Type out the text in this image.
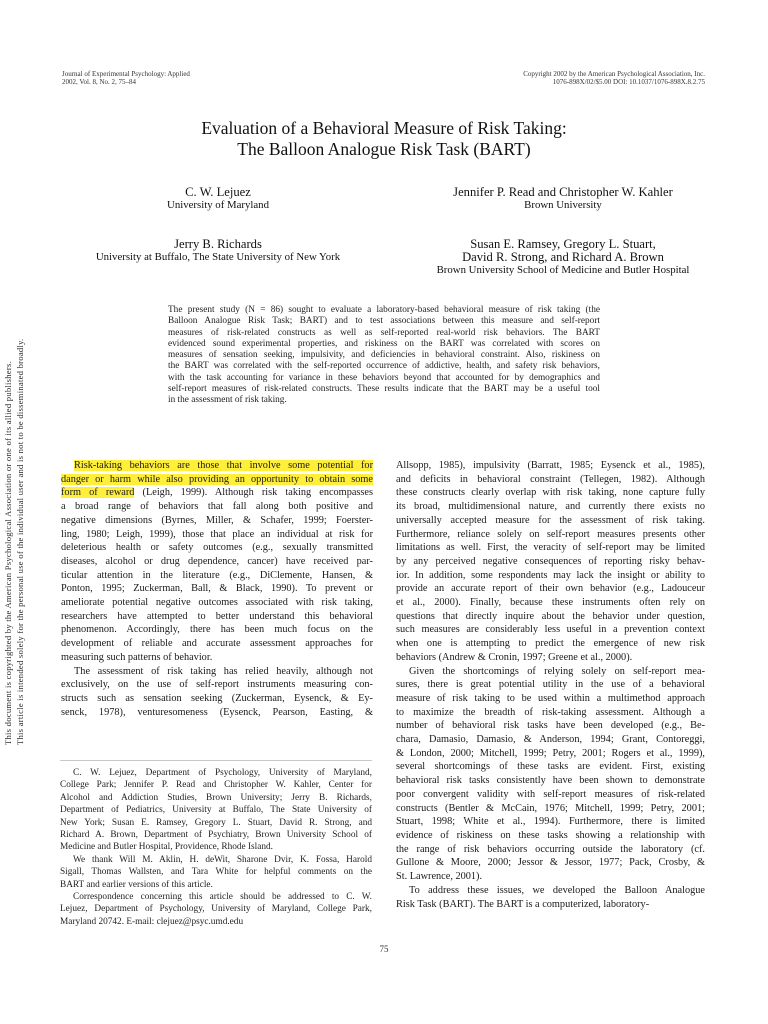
Journal of Experimental Psychology: Applied
2002, Vol. 8, No. 2, 75–84
Copyright 2002 by the American Psychological Association, Inc.
1076-898X/02/$5.00 DOI: 10.1037/1076-898X.8.2.75
Evaluation of a Behavioral Measure of Risk Taking:
The Balloon Analogue Risk Task (BART)
C. W. Lejuez
University of Maryland
Jennifer P. Read and Christopher W. Kahler
Brown University
Jerry B. Richards
University at Buffalo, The State University of New York
Susan E. Ramsey, Gregory L. Stuart,
David R. Strong, and Richard A. Brown
Brown University School of Medicine and Butler Hospital
The present study (N = 86) sought to evaluate a laboratory-based behavioral measure of risk taking (the
Balloon Analogue Risk Task; BART) and to test associations between this measure and self-report
measures of risk-related constructs as well as self-reported real-world risk behaviors. The BART
evidenced sound experimental properties, and riskiness on the BART was correlated with scores on
measures of sensation seeking, impulsivity, and deficiencies in behavioral constraint. Also, riskiness on
the BART was correlated with the self-reported occurrence of addictive, health, and safety risk behaviors,
with the task accounting for variance in these behaviors beyond that accounted for by demographics and
self-report measures of risk-related constructs. These results indicate that the BART may be a useful tool
in the assessment of risk taking.
Risk-taking behaviors are those that involve some potential for
danger or harm while also providing an opportunity to obtain some
form of reward (Leigh, 1999). Although risk taking encompasses
a broad range of behaviors that fall along both positive and
negative dimensions (Byrnes, Miller, & Schafer, 1999; Foerster-
ling, 1980; Leigh, 1999), those that place an individual at risk for
deleterious health or safety outcomes (e.g., sexually transmitted
diseases, alcohol or drug dependence, cancer) have received par-
ticular attention in the literature (e.g., DiClemente, Hansen, &
Ponton, 1995; Zuckerman, Ball, & Black, 1990). To prevent or
ameliorate potential negative outcomes associated with risk taking,
researchers have attempted to better understand this behavioral
phenomenon. Accordingly, there has been much focus on the
development of reliable and accurate assessment approaches for
measuring such patterns of behavior.
The assessment of risk taking has relied heavily, although not
exclusively, on the use of self-report instruments measuring con-
structs such as sensation seeking (Zuckerman, Eysenck, & Ey-
senck, 1978), venturesomeness (Eysenck, Pearson, Easting, &
C. W. Lejuez, Department of Psychology, University of Maryland,
College Park; Jennifer P. Read and Christopher W. Kahler, Center for
Alcohol and Addiction Studies, Brown University; Jerry B. Richards,
Department of Pediatrics, University at Buffalo, The State University of
New York; Susan E. Ramsey, Gregory L. Stuart, David R. Strong, and
Richard A. Brown, Department of Psychiatry, Brown University School of
Medicine and Butler Hospital, Providence, Rhode Island.
We thank Will M. Aklin, H. deWit, Sharone Dvir, K. Fossa, Harold
Sigall, Thomas Wallsten, and Tara White for helpful comments on the
BART and earlier versions of this article.
Correspondence concerning this article should be addressed to C. W.
Lejuez, Department of Psychology, University of Maryland, College Park,
Maryland 20742. E-mail: clejuez@psyc.umd.edu
Allsopp, 1985), impulsivity (Barratt, 1985; Eysenck et al., 1985),
and deficits in behavioral constraint (Tellegen, 1982). Although
these constructs clearly overlap with risk taking, none capture fully
its broad, multidimensional nature, and currently there exists no
universally accepted measure for the assessment of risk taking.
Furthermore, reliance solely on self-report measures presents other
limitations as well. First, the veracity of self-report may be limited
by any perceived negative consequences of reporting risky behav-
ior. In addition, some respondents may lack the insight or ability to
provide an accurate report of their own behavior (e.g., Ladouceur
et al., 2000). Finally, because these instruments often rely on
questions that directly inquire about the behavior under question,
such measures are considerably less useful in a prevention context
when one is attempting to predict the emergence of new risk
behaviors (Andrew & Cronin, 1997; Greene et al., 2000).
Given the shortcomings of relying solely on self-report mea-
sures, there is great potential utility in the use of a behavioral
measure of risk taking to be used within a multimethod approach
to maximize the breadth of risk-taking assessment. Although a
number of behavioral risk tasks have been developed (e.g., Be-
chara, Damasio, Damasio, & Anderson, 1994; Grant, Contoreggi,
& London, 2000; Mitchell, 1999; Petry, 2001; Rogers et al., 1999),
several shortcomings of these tasks are evident. First, existing
behavioral risk tasks consistently have been shown to demonstrate
poor convergent validity with self-report measures of risk-related
constructs (Bentler & McCain, 1976; Mitchell, 1999; Petry, 2001;
Stuart, 1998; White et al., 1994). Furthermore, there is limited
evidence of riskiness on these tasks showing a relationship with
the range of risk behaviors occurring outside the laboratory (cf.
Gullone & Moore, 2000; Jessor & Jessor, 1977; Pack, Crosby, &
St. Lawrence, 2001).
To address these issues, we developed the Balloon Analogue
Risk Task (BART). The BART is a computerized, laboratory-
75
This document is copyrighted by the American Psychological Association or one of its allied publishers. This article is intended solely for the personal use of the individual user and is not to be disseminated broadly.
